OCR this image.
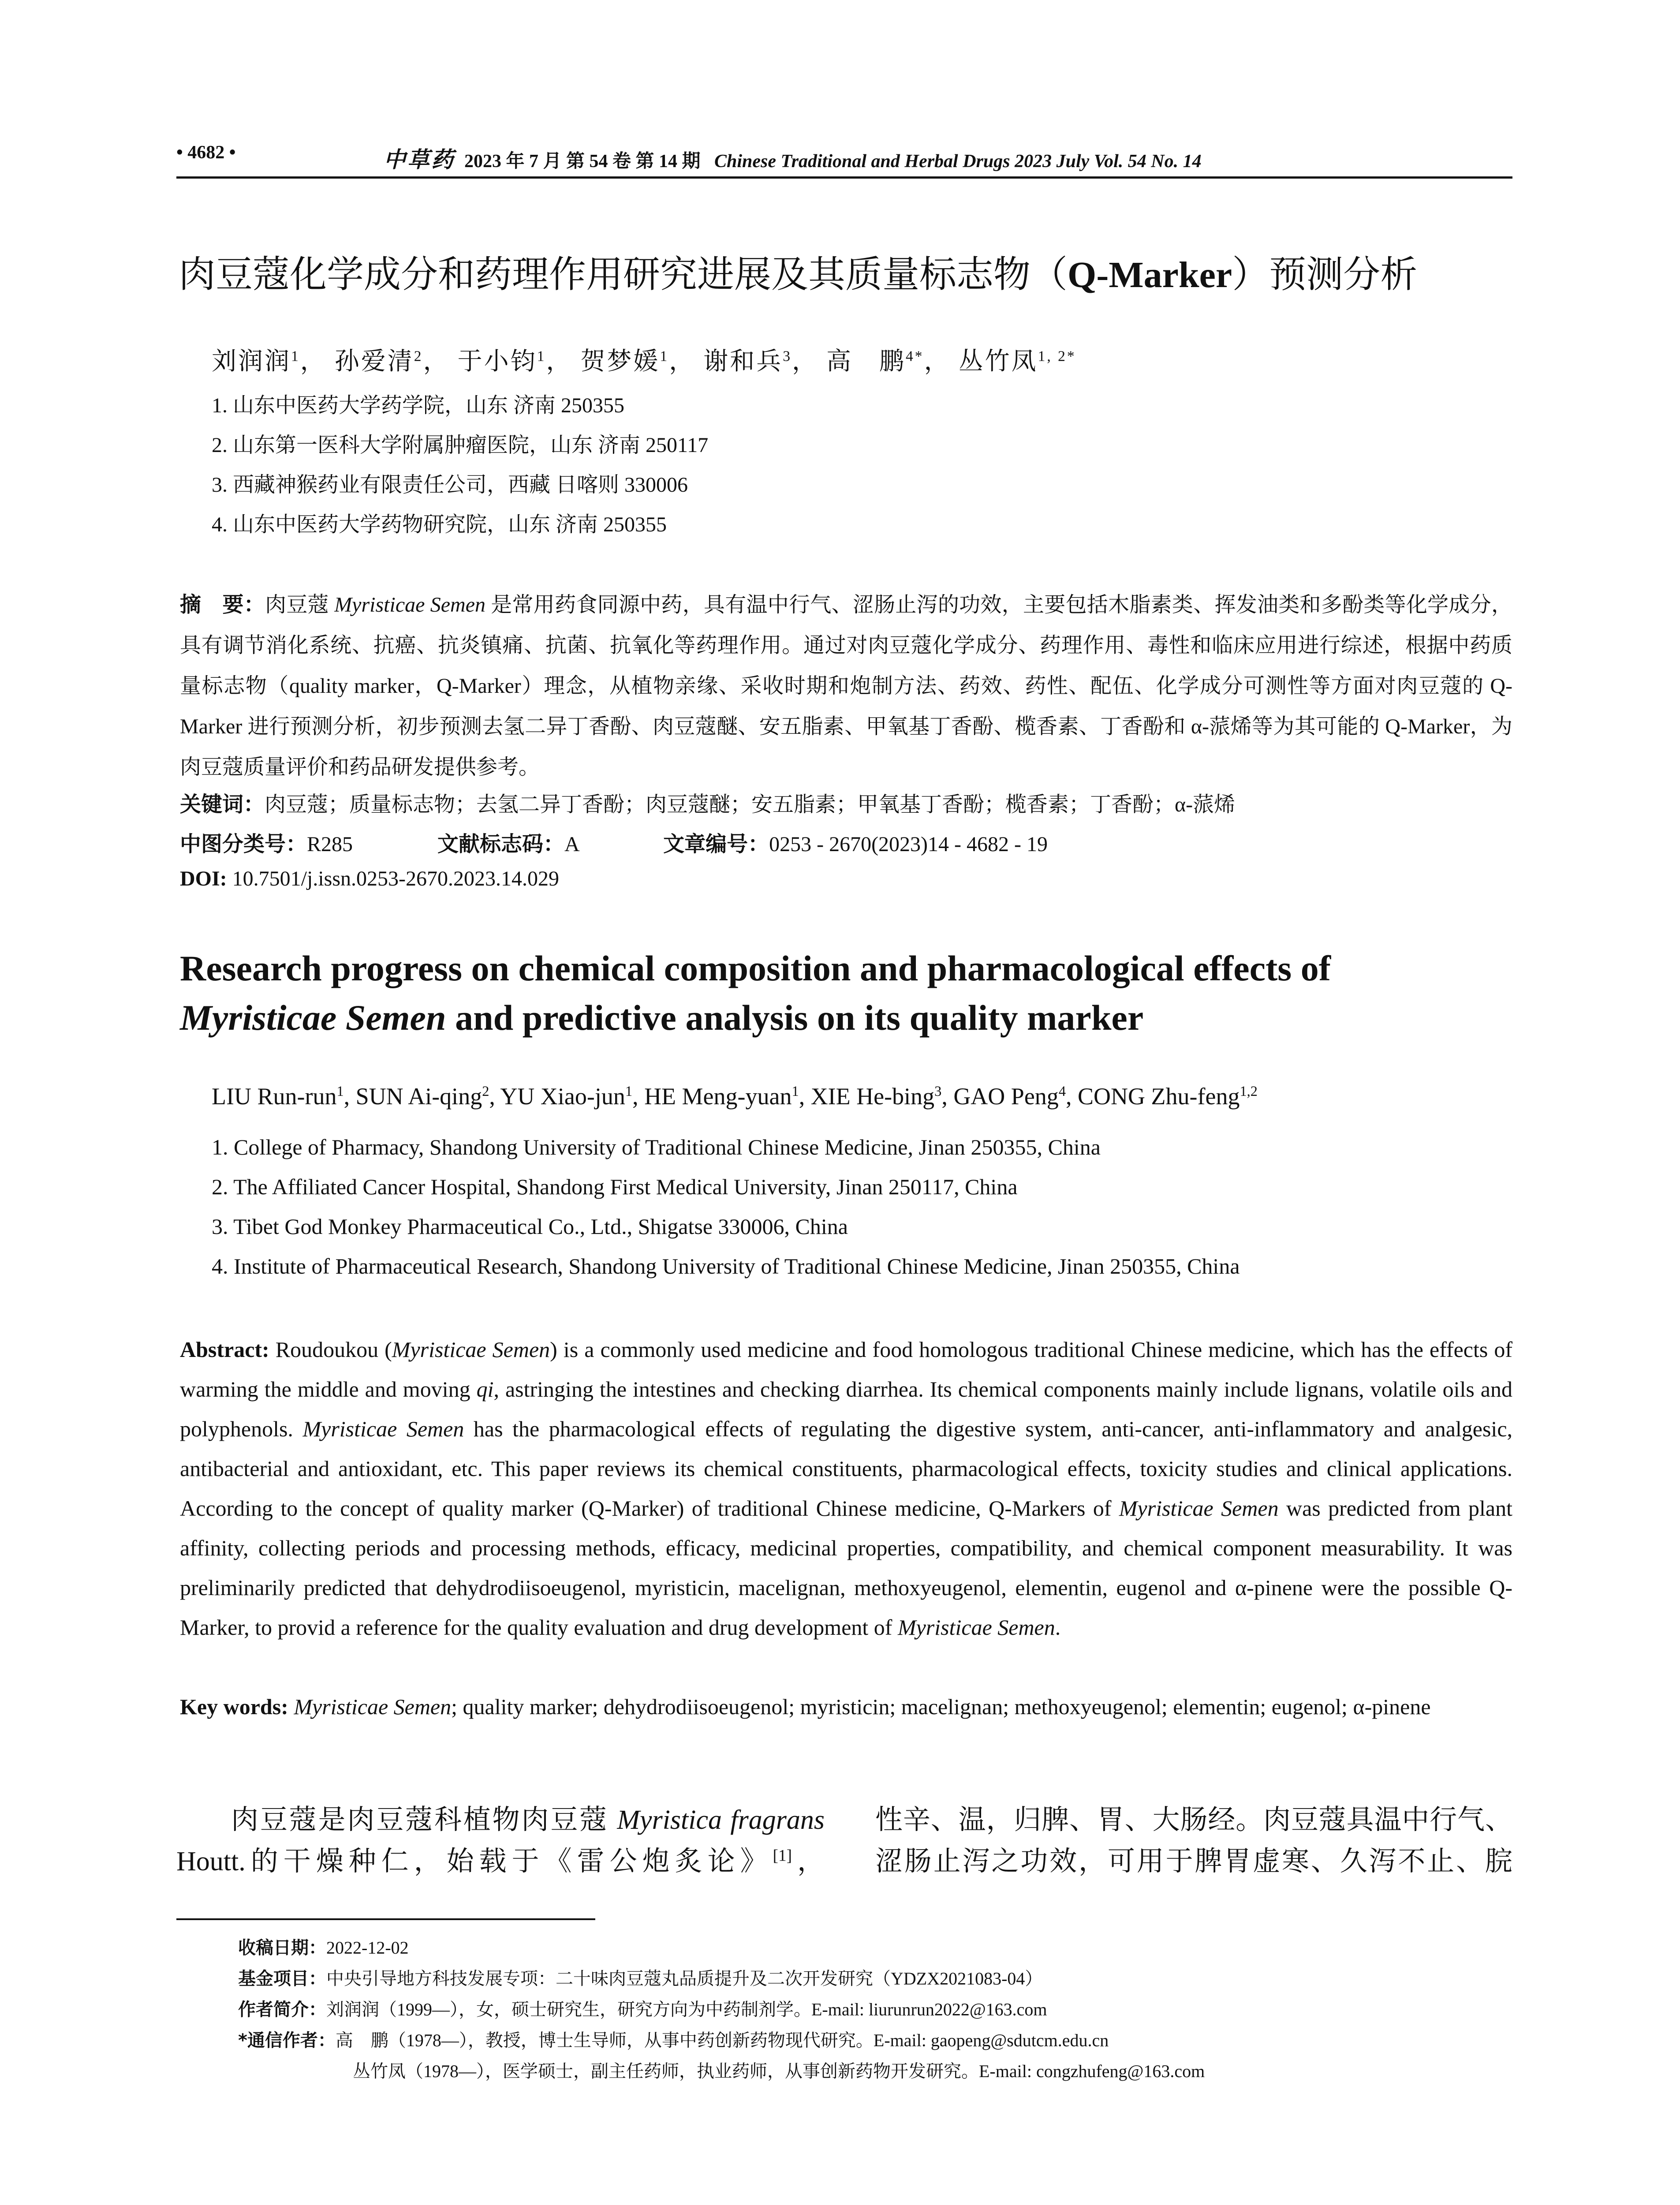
• 4682 •	中草药 2023 年 7 月 第 54 卷 第 14 期 Chinese Traditional and Herbal Drugs 2023 July Vol. 54 No. 14
肉豆蔻化学成分和药理作用研究进展及其质量标志物（Q-Marker）预测分析
刘润润$^1$， 孙爱清$^2$， 于小钧$^1$， 贺梦媛$^1$， 谢和兵$^3$， 高　鹏$^{4*}$， 丛竹凤$^{1, 2*}$
1. 山东中医药大学药学院，山东 济南 250355
2. 山东第一医科大学附属肿瘤医院，山东 济南 250117
3. 西藏神猴药业有限责任公司，西藏 日喀则 330006
4. 山东中医药大学药物研究院，山东 济南 250355
摘　要：肉豆蔻 Myristicae Semen 是常用药食同源中药，具有温中行气、涩肠止泻的功效，主要包括木脂素类、挥发油类和多酚类等化学成分，具有调节消化系统、抗癌、抗炎镇痛、抗菌、抗氧化等药理作用。通过对肉豆蔻化学成分、药理作用、毒性和临床应用进行综述，根据中药质量标志物（quality marker，Q-Marker）理念，从植物亲缘、采收时期和炮制方法、药效、药性、配伍、化学成分可测性等方面对肉豆蔻的 Q-Marker 进行预测分析，初步预测去氢二异丁香酚、肉豆蔻醚、安五脂素、甲氧基丁香酚、榄香素、丁香酚和 α-蒎烯等为其可能的 Q-Marker，为肉豆蔻质量评价和药品研发提供参考。
关键词：肉豆蔻；质量标志物；去氢二异丁香酚；肉豆蔻醚；安五脂素；甲氧基丁香酚；榄香素；丁香酚；α-蒎烯
中图分类号：R285	文献标志码：A	文章编号：0253 - 2670(2023)14 - 4682 - 19
DOI: 10.7501/j.issn.0253-2670.2023.14.029
Research progress on chemical composition and pharmacological effects of
Myristicae Semen and predictive analysis on its quality marker
LIU Run-run$^1$, SUN Ai-qing$^2$, YU Xiao-jun$^1$, HE Meng-yuan$^1$, XIE He-bing$^3$, GAO Peng$^4$, CONG Zhu-feng$^{1,2}$
1. College of Pharmacy, Shandong University of Traditional Chinese Medicine, Jinan 250355, China
2. The Affiliated Cancer Hospital, Shandong First Medical University, Jinan 250117, China
3. Tibet God Monkey Pharmaceutical Co., Ltd., Shigatse 330006, China
4. Institute of Pharmaceutical Research, Shandong University of Traditional Chinese Medicine, Jinan 250355, China
Abstract: Roudoukou (Myristicae Semen) is a commonly used medicine and food homologous traditional Chinese medicine, which has the effects of warming the middle and moving qi, astringing the intestines and checking diarrhea. Its chemical components mainly include lignans, volatile oils and polyphenols. Myristicae Semen has the pharmacological effects of regulating the digestive system, anti-cancer, anti-inflammatory and analgesic, antibacterial and antioxidant, etc. This paper reviews its chemical constituents, pharmacological effects, toxicity studies and clinical applications. According to the concept of quality marker (Q-Marker) of traditional Chinese medicine, Q-Markers of Myristicae Semen was predicted from plant affinity, collecting periods and processing methods, efficacy, medicinal properties, compatibility, and chemical component measurability. It was preliminarily predicted that dehydrodiisoeugenol, myristicin, macelignan, methoxyeugenol, elementin, eugenol and α-pinene were the possible Q-Marker, to provid a reference for the quality evaluation and drug development of Myristicae Semen.
Key words: Myristicae Semen; quality marker; dehydrodiisoeugenol; myristicin; macelignan; methoxyeugenol; elementin; eugenol; α-pinene
肉豆蔻是肉豆蔻科植物肉豆蔻 Myristica fragrans Houtt.的干燥种仁，始载于《雷公炮炙论》[1]，
性辛、温，归脾、胃、大肠经。肉豆蔻具温中行气、涩肠止泻之功效，可用于脾胃虚寒、久泻不止、脘
收稿日期：2022-12-02
基金项目：中央引导地方科技发展专项：二十味肉豆蔻丸品质提升及二次开发研究（YDZX2021083-04）
作者简介：刘润润（1999—），女，硕士研究生，研究方向为中药制剂学。E-mail: liurunrun2022@163.com
*通信作者：高　鹏（1978—），教授，博士生导师，从事中药创新药物现代研究。E-mail: gaopeng@sdutcm.edu.cn
丛竹凤（1978—），医学硕士，副主任药师，执业药师，从事创新药物开发研究。E-mail: congzhufeng@163.com
